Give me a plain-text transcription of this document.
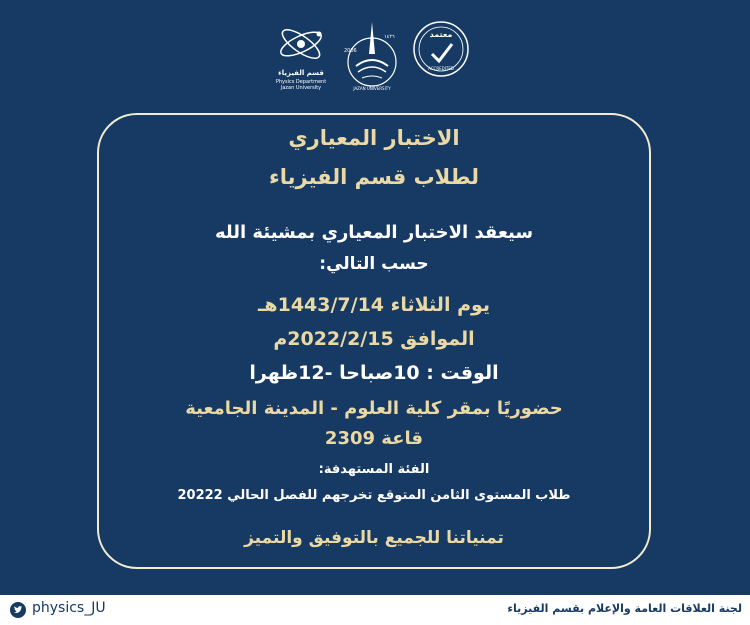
قسم الفيزياء
Physics Department
Jazan University
2006
١٤٢٦
JAZAN UNIVERSITY
معتمد
ACCREDITED
الاختبار المعياري
لطلاب قسم الفيزياء
سيعقد الاختبار المعياري بمشيئة الله
حسب التالي:
يوم الثلاثاء 1443/7/14هـ
الموافق 2022/2/15م
الوقت : 10صباحا -12ظهرا
حضوريًا بمقر كلية العلوم - المدينة الجامعية
قاعة 2309
الفئة المستهدفة:
طلاب المستوى الثامن المتوقع تخرجهم للفصل الحالي 20222
تمنياتنا للجميع بالتوفيق والتميز
physics_JU	لجنة العلاقات العامة والإعلام بقسم الفيزياء
